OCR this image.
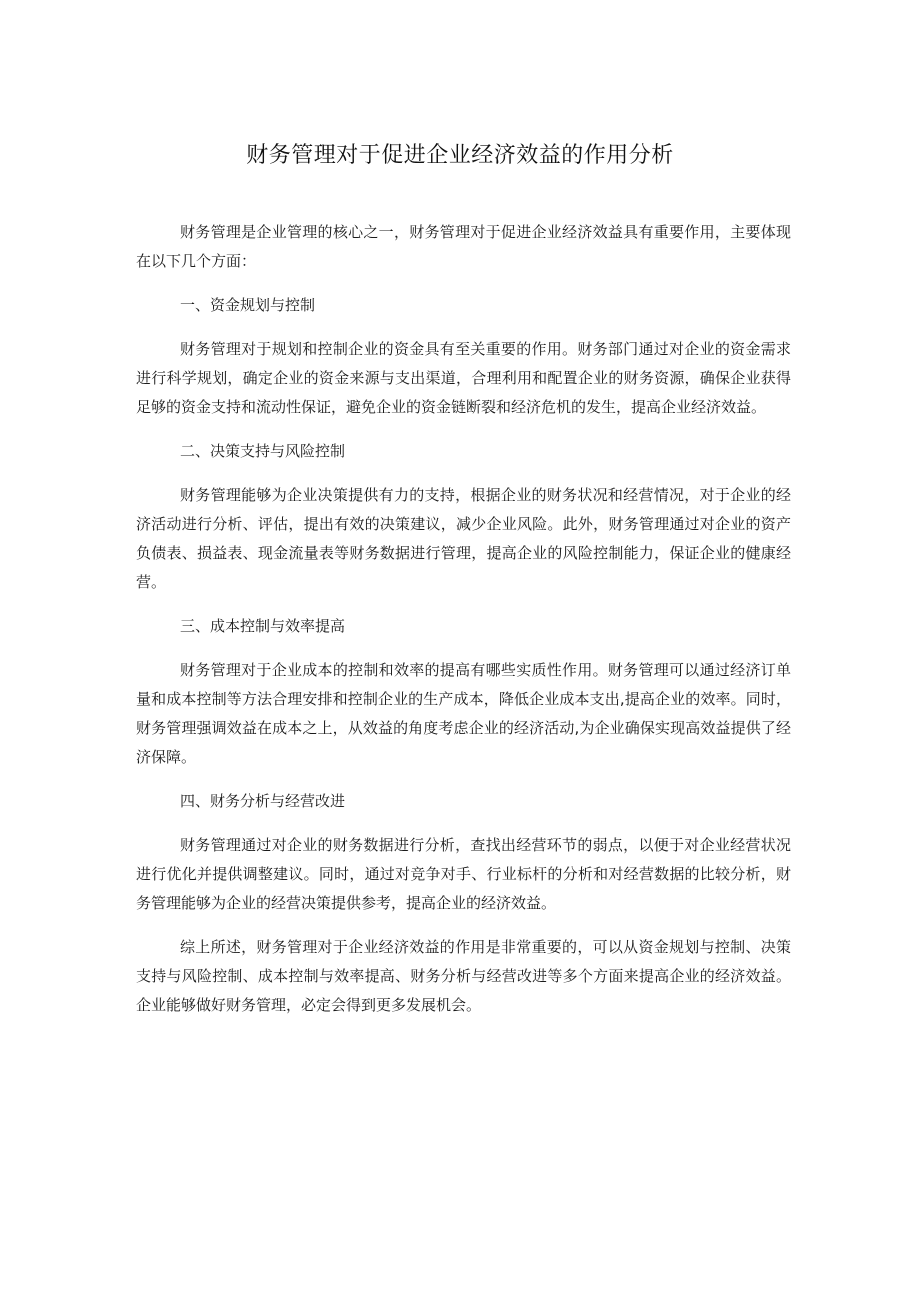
财务管理对于促进企业经济效益的作用分析

财务管理是企业管理的核心之一，财务管理对于促进企业经济效益具有重要作用，主要体现在以下几个方面：

一、资金规划与控制

财务管理对于规划和控制企业的资金具有至关重要的作用。财务部门通过对企业的资金需求进行科学规划，确定企业的资金来源与支出渠道，合理利用和配置企业的财务资源，确保企业获得足够的资金支持和流动性保证，避免企业的资金链断裂和经济危机的发生，提高企业经济效益。

二、决策支持与风险控制

财务管理能够为企业决策提供有力的支持，根据企业的财务状况和经营情况，对于企业的经济活动进行分析、评估，提出有效的决策建议，减少企业风险。此外，财务管理通过对企业的资产负债表、损益表、现金流量表等财务数据进行管理，提高企业的风险控制能力，保证企业的健康经营。

三、成本控制与效率提高

财务管理对于企业成本的控制和效率的提高有哪些实质性作用。财务管理可以通过经济订单量和成本控制等方法合理安排和控制企业的生产成本，降低企业成本支出,提高企业的效率。同时，财务管理强调效益在成本之上，从效益的角度考虑企业的经济活动,为企业确保实现高效益提供了经济保障。

四、财务分析与经营改进

财务管理通过对企业的财务数据进行分析，查找出经营环节的弱点，以便于对企业经营状况进行优化并提供调整建议。同时，通过对竞争对手、行业标杆的分析和对经营数据的比较分析，财务管理能够为企业的经营决策提供参考，提高企业的经济效益。

综上所述，财务管理对于企业经济效益的作用是非常重要的，可以从资金规划与控制、决策支持与风险控制、成本控制与效率提高、财务分析与经营改进等多个方面来提高企业的经济效益。企业能够做好财务管理，必定会得到更多发展机会。
